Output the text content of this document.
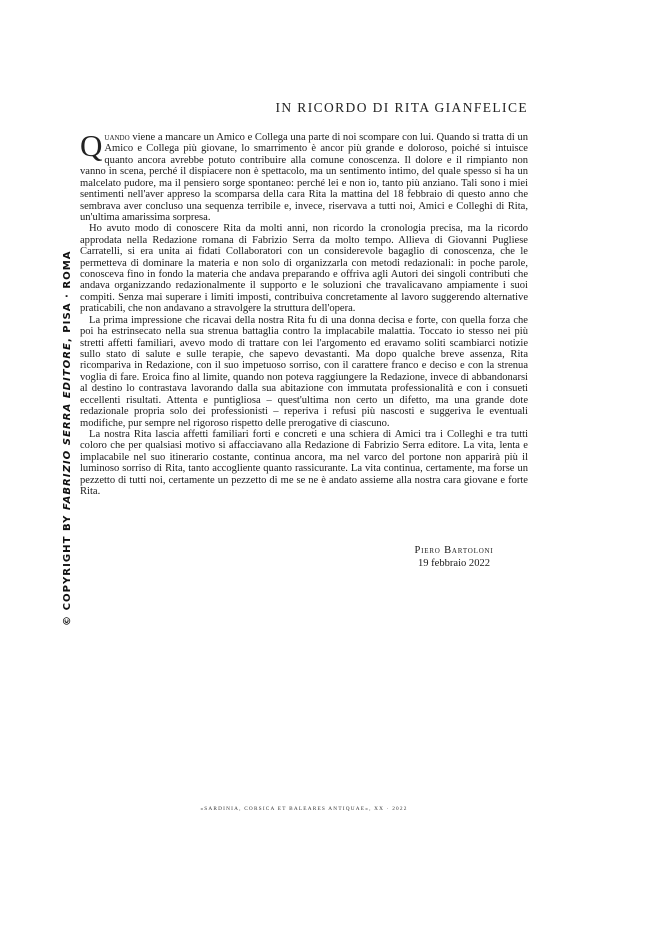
© COPYRIGHT BY FABRIZIO SERRA EDITORE, PISA · ROMA
IN RICORDO DI RITA GIANFELICE

Quando viene a mancare un Amico e Collega una parte di noi scompare con lui. Quando si tratta di un Amico e Collega più giovane, lo smarrimento è ancor più grande e doloroso, poiché si intuisce quanto ancora avrebbe potuto contribuire alla comune conoscenza. Il dolore e il rimpianto non vanno in scena, perché il dispiacere non è spettacolo, ma un sentimento intimo, del quale spesso si ha un malcelato pudore, ma il pensiero sorge spontaneo: perché lei e non io, tanto più anziano. Tali sono i miei sentimenti nell'aver appreso la scomparsa della cara Rita la mattina del 18 febbraio di questo anno che sembrava aver concluso una sequenza terribile e, invece, riservava a tutti noi, Amici e Colleghi di Rita, un'ultima amarissima sorpresa.

Ho avuto modo di conoscere Rita da molti anni, non ricordo la cronologia precisa, ma la ricordo approdata nella Redazione romana di Fabrizio Serra da molto tempo. Allieva di Giovanni Pugliese Carratelli, si era unita ai fidati Collaboratori con un considerevole bagaglio di conoscenza, che le permetteva di dominare la materia e non solo di organizzarla con metodi redazionali: in poche parole, conosceva fino in fondo la materia che andava preparando e offriva agli Autori dei singoli contributi che andava organizzando redazionalmente il supporto e le soluzioni che travalicavano ampiamente i suoi compiti. Senza mai superare i limiti imposti, contribuiva concretamente al lavoro suggerendo alternative praticabili, che non andavano a stravolgere la struttura dell'opera.

La prima impressione che ricavai della nostra Rita fu di una donna decisa e forte, con quella forza che poi ha estrinsecato nella sua strenua battaglia contro la implacabile malattia. Toccato io stesso nei più stretti affetti familiari, avevo modo di trattare con lei l'argomento ed eravamo soliti scambiarci notizie sullo stato di salute e sulle terapie, che sapevo devastanti. Ma dopo qualche breve assenza, Rita ricompariva in Redazione, con il suo impetuoso sorriso, con il carattere franco e deciso e con la strenua voglia di fare. Eroica fino al limite, quando non poteva raggiungere la Redazione, invece di abbandonarsi al destino lo contrastava lavorando dalla sua abitazione con immutata professionalità e con i consueti eccellenti risultati. Attenta e puntigliosa – quest'ultima non certo un difetto, ma una grande dote redazionale propria solo dei professionisti – reperiva i refusi più nascosti e suggeriva le eventuali modifiche, pur sempre nel rigoroso rispetto delle prerogative di ciascuno.

La nostra Rita lascia affetti familiari forti e concreti e una schiera di Amici tra i Colleghi e tra tutti coloro che per qualsiasi motivo si affacciavano alla Redazione di Fabrizio Serra editore. La vita, lenta e implacabile nel suo itinerario costante, continua ancora, ma nel varco del portone non apparirà più il luminoso sorriso di Rita, tanto accogliente quanto rassicurante. La vita continua, certamente, ma forse un pezzetto di tutti noi, certamente un pezzetto di me se ne è andato assieme alla nostra cara giovane e forte Rita.

Piero Bartoloni
19 febbraio 2022
«SARDINIA, CORSICA ET BALEARES ANTIQUAE», XX · 2022
